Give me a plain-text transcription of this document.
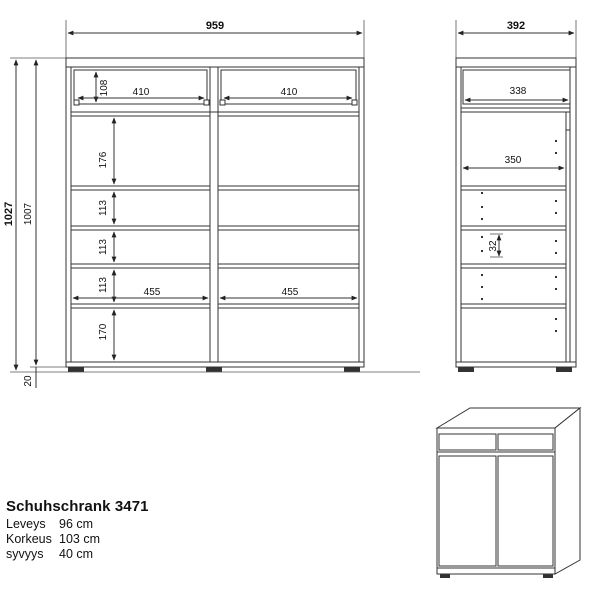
959
108 410	410
176
113
113
113
170
455	455
1027 1007
20
392
338
350
32
Schuhschrank 3471
Leveys	96 cm
Korkeus 103 cm
syvyys	40 cm
